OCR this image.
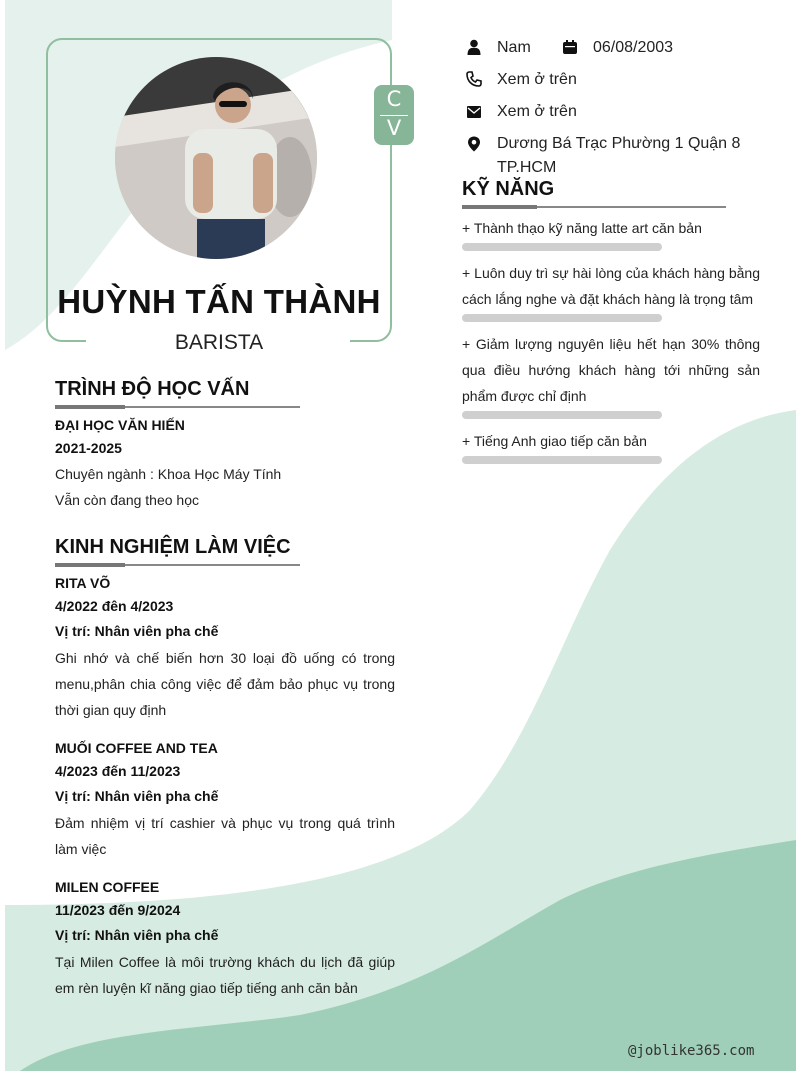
C
V
HUỲNH TẤN THÀNH
BARISTA
Nam	06/08/2003
Xem ở trên
Xem ở trên
Dương Bá Trạc Phường 1 Quận 8 TP.HCM
KỸ NĂNG
+ Thành thạo kỹ năng latte art căn bản
+ Luôn duy trì sự hài lòng của khách hàng bằng cách lắng nghe và đặt khách hàng là trọng tâm
+ Giảm lượng nguyên liệu hết hạn 30% thông qua điều hướng khách hàng tới những sản phẩm được chỉ định
+ Tiếng Anh giao tiếp căn bản
TRÌNH ĐỘ HỌC VẤN
ĐẠI HỌC VĂN HIẾN
2021-2025
Chuyên ngành : Khoa Học Máy Tính
Vẫn còn đang theo học
KINH NGHIỆM LÀM VIỆC
RITA VÕ
4/2022 đên 4/2023
Vị trí: Nhân viên pha chế
Ghi nhớ và chế biến hơn 30 loại đồ uống có trong menu,phân chia công việc để đảm bảo phục vụ trong thời gian quy định
MUỐI COFFEE AND TEA
4/2023 đến 11/2023
Vị trí: Nhân viên pha chế
Đảm nhiệm vị trí cashier và phục vụ trong quá trình làm việc
MILEN COFFEE
11/2023 đến 9/2024
Vị trí: Nhân viên pha chế
Tại Milen Coffee là môi trường khách du lịch đã giúp em rèn luyện kĩ năng giao tiếp tiếng anh căn bản
@joblike365.com
